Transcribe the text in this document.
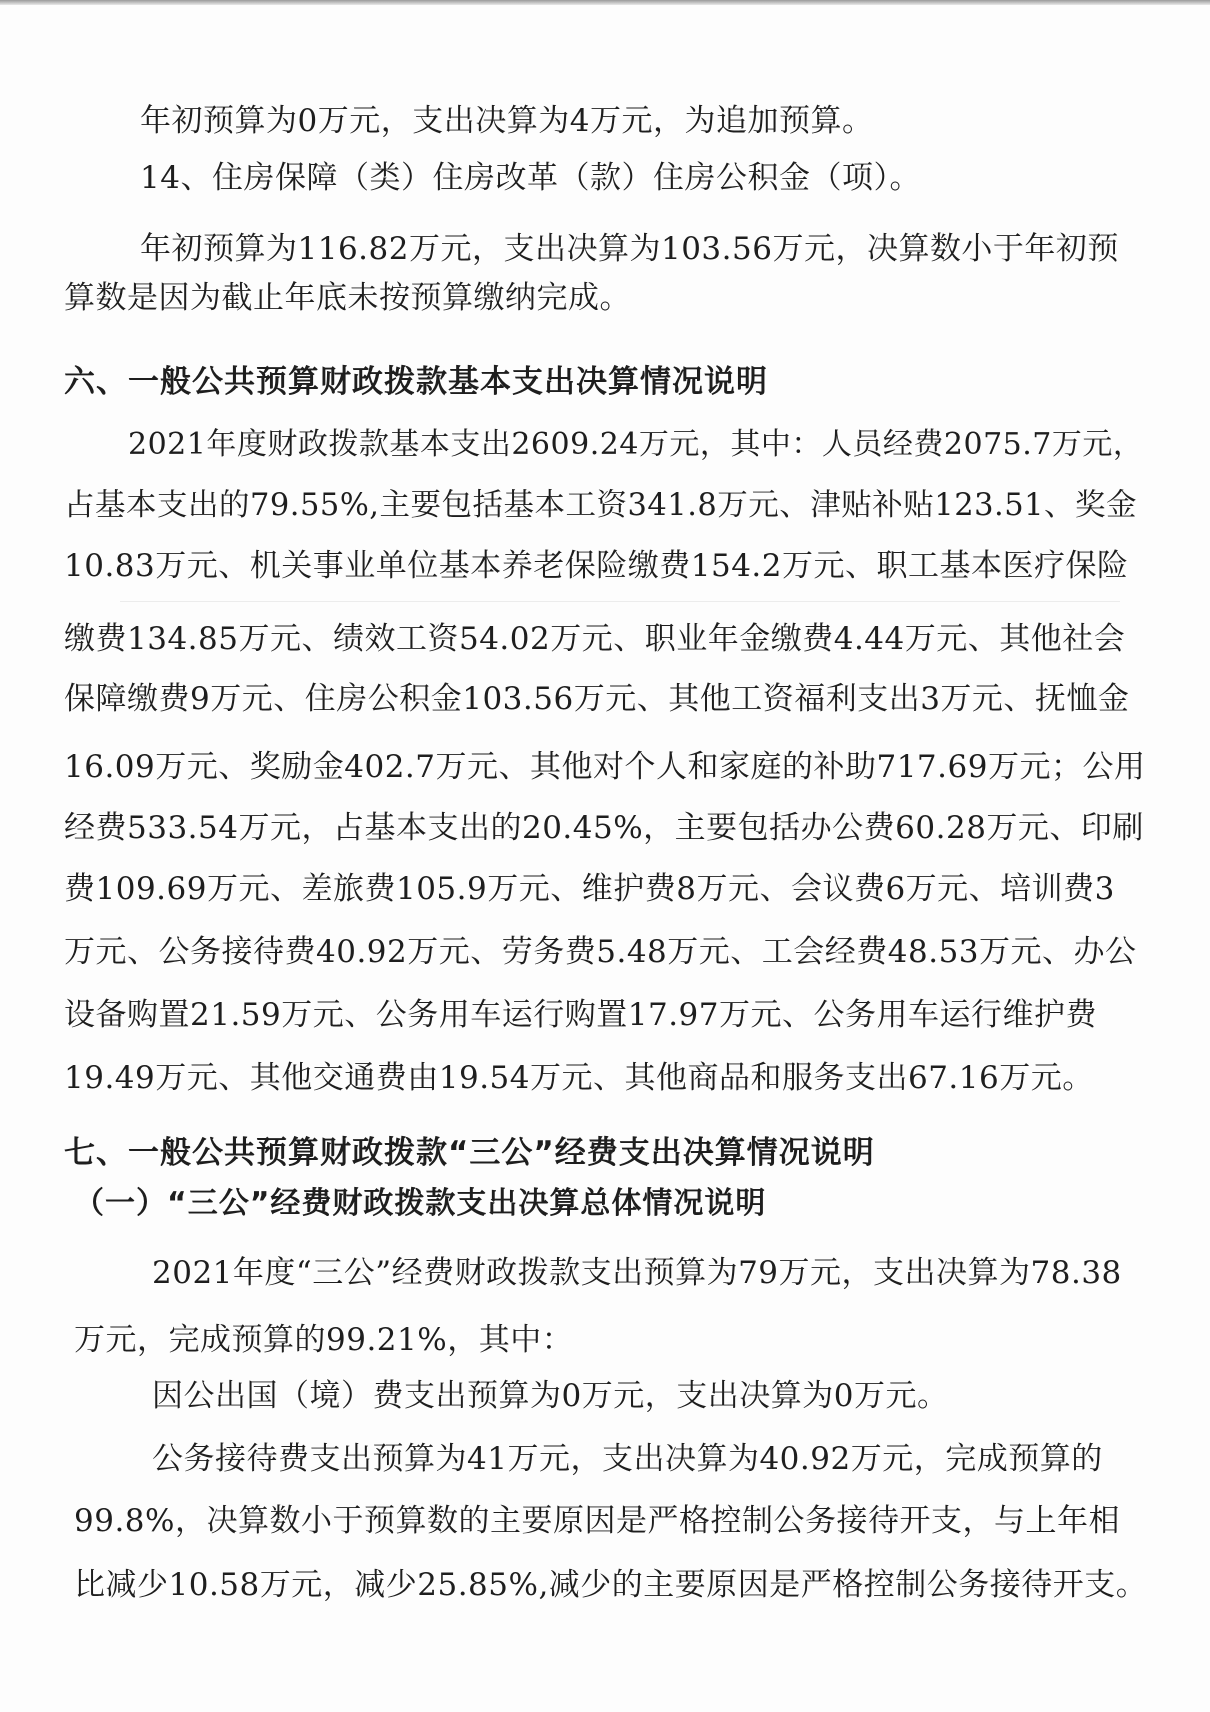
年初预算为0万元，支出决算为4万元，为追加预算。
14、住房保障（类）住房改革（款）住房公积金（项）。
年初预算为116.82万元，支出决算为103.56万元，决算数小于年初预
算数是因为截止年底未按预算缴纳完成。
六、一般公共预算财政拨款基本支出决算情况说明
2021年度财政拨款基本支出2609.24万元，其中：人员经费2075.7万元，
占基本支出的79.55%,主要包括基本工资341.8万元、津贴补贴123.51、奖金
10.83万元、机关事业单位基本养老保险缴费154.2万元、职工基本医疗保险
缴费134.85万元、绩效工资54.02万元、职业年金缴费4.44万元、其他社会
保障缴费9万元、住房公积金103.56万元、其他工资福利支出3万元、抚恤金
16.09万元、奖励金402.7万元、其他对个人和家庭的补助717.69万元；公用
经费533.54万元，占基本支出的20.45%，主要包括办公费60.28万元、印刷
费109.69万元、差旅费105.9万元、维护费8万元、会议费6万元、培训费3
万元、公务接待费40.92万元、劳务费5.48万元、工会经费48.53万元、办公
设备购置21.59万元、公务用车运行购置17.97万元、公务用车运行维护费
19.49万元、其他交通费由19.54万元、其他商品和服务支出67.16万元。
七、一般公共预算财政拨款“三公”经费支出决算情况说明
（一）“三公”经费财政拨款支出决算总体情况说明
2021年度“三公”经费财政拨款支出预算为79万元，支出决算为78.38
万元，完成预算的99.21%，其中：
因公出国（境）费支出预算为0万元，支出决算为0万元。
公务接待费支出预算为41万元，支出决算为40.92万元，完成预算的
99.8%，决算数小于预算数的主要原因是严格控制公务接待开支，与上年相
比减少10.58万元，减少25.85%,减少的主要原因是严格控制公务接待开支。
